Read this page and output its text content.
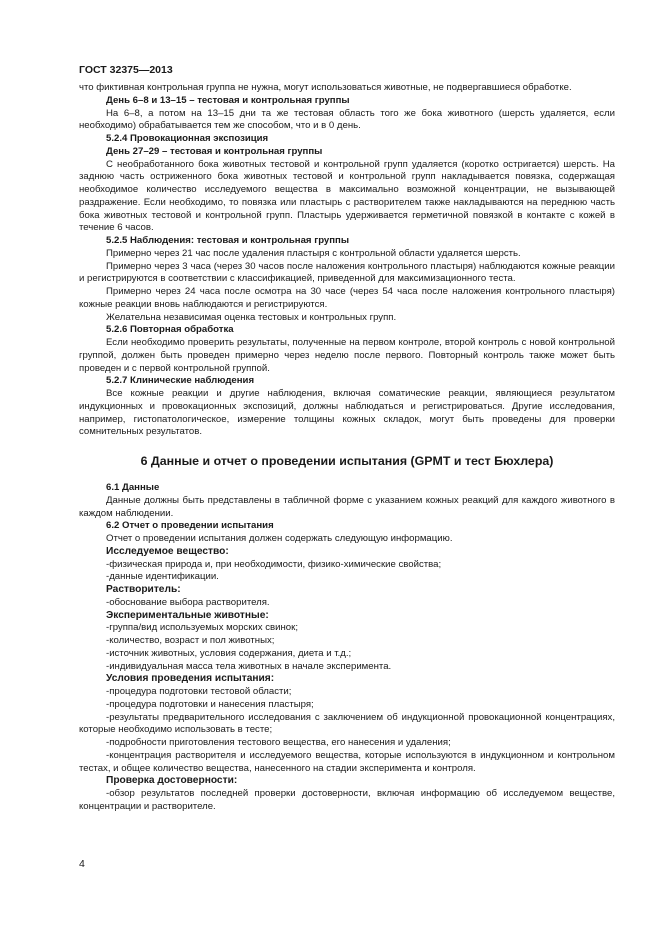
ГОСТ 32375—2013

что фиктивная контрольная группа не нужна, могут использоваться животные, не подвергавшиеся обработке.

День 6–8 и 13–15 – тестовая и контрольная группы

На 6–8, а потом на 13–15 дни та же тестовая область того же бока животного (шерсть удаляется, если необходимо) обрабатывается тем же способом, что и в 0 день.

5.2.4 Провокационная экспозиция

День 27–29 – тестовая и контрольная группы

С необработанного бока животных тестовой и контрольной групп удаляется (коротко остригается) шерсть. На заднюю часть остриженного бока животных тестовой и контрольной групп накладывается повязка, содержащая необходимое количество исследуемого вещества в максимально возможной концентрации, не вызывающей раздражение. Если необходимо, то повязка или пластырь с растворителем также накладываются на переднюю часть бока животных тестовой и контрольной групп. Пластырь удерживается герметичной повязкой в контакте с кожей в течение 6 часов.

5.2.5 Наблюдения: тестовая и контрольная группы

Примерно через 21 час после удаления пластыря с контрольной области удаляется шерсть.

Примерно через 3 часа (через 30 часов после наложения контрольного пластыря) наблюдаются кожные реакции и регистрируются в соответствии с классификацией, приведенной для максимизационного теста.

Примерно через 24 часа после осмотра на 30 часе (через 54 часа после наложения контрольного пластыря) кожные реакции вновь наблюдаются и регистрируются.

Желательна независимая оценка тестовых и контрольных групп.

5.2.6 Повторная обработка

Если необходимо проверить результаты, полученные на первом контроле, второй контроль с новой контрольной группой, должен быть проведен примерно через неделю после первого. Повторный контроль также может быть проведен и с первой контрольной группой.

5.2.7 Клинические наблюдения

Все кожные реакции и другие наблюдения, включая соматические реакции, являющиеся результатом индукционных и провокационных экспозиций, должны наблюдаться и регистрироваться. Другие исследования, например, гистопатологическое, измерение толщины кожных складок, могут быть проведены для проверки сомнительных результатов.

6 Данные и отчет о проведении испытания (GPMT и тест Бюхлера)

6.1 Данные

Данные должны быть представлены в табличной форме с указанием кожных реакций для каждого животного в каждом наблюдении.

6.2 Отчет о проведении испытания

Отчет о проведении испытания должен содержать следующую информацию.

Исследуемое вещество:

-физическая природа и, при необходимости, физико-химические свойства;

-данные идентификации.

Растворитель:

-обоснование выбора растворителя.

Экспериментальные животные:

-группа/вид используемых морских свинок;

-количество, возраст и пол животных;

-источник животных, условия содержания, диета и т.д.;

-индивидуальная масса тела животных в начале эксперимента.

Условия проведения испытания:

-процедура подготовки тестовой области;

-процедура подготовки и нанесения пластыря;

-результаты предварительного исследования с заключением об индукционной провокационной концентрациях, которые необходимо использовать в тесте;

-подробности приготовления тестового вещества, его нанесения и удаления;

-концентрация растворителя и исследуемого вещества, которые используются в индукционном и контрольном тестах, и общее количество вещества, нанесенного на стадии эксперимента и контроля.

Проверка достоверности:

-обзор результатов последней проверки достоверности, включая информацию об исследуемом веществе, концентрации и растворителе.

4
